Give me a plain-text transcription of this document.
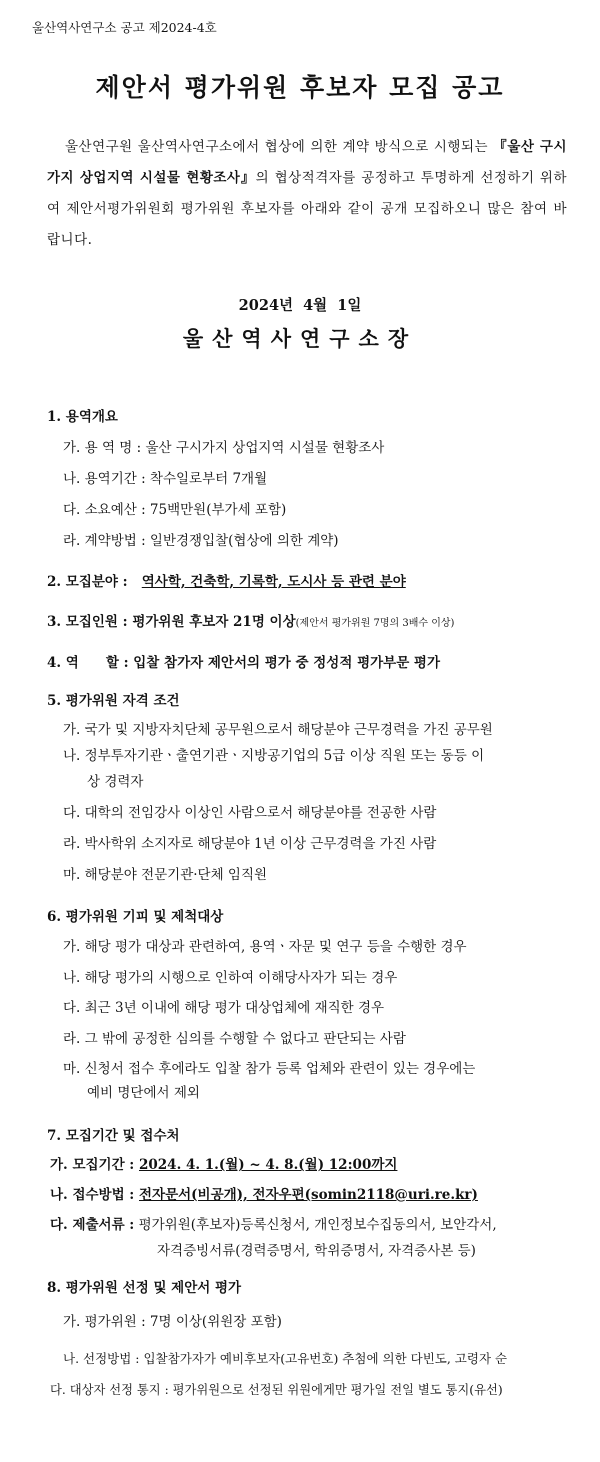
울산역사연구소 공고 제2024-4호
제안서 평가위원 후보자 모집 공고
울산연구원 울산역사연구소에서 협상에 의한 계약 방식으로 시행되는 『울산 구시가지 상업지역 시설물 현황조사』의 협상적격자를 공정하고 투명하게 선정하기 위하여 제안서평가위원회 평가위원 후보자를 아래와 같이 공개 모집하오니 많은 참여 바랍니다.
2024년 4월 1일
울산역사연구소장
1. 용역개요
가. 용 역 명 : 울산 구시가지 상업지역 시설물 현황조사
나. 용역기간 : 착수일로부터 7개월
다. 소요예산 : 75백만원(부가세 포함)
라. 계약방법 : 일반경쟁입찰(협상에 의한 계약)
2. 모집분야 : 역사학, 건축학, 기록학, 도시사 등 관련 분야
3. 모집인원 : 평가위원 후보자 21명 이상(제안서 평가위원 7명의 3배수 이상)
4. 역　　할 : 입찰 참가자 제안서의 평가 중 정성적 평가부문 평가
5. 평가위원 자격 조건
가. 국가 및 지방자치단체 공무원으로서 해당분야 근무경력을 가진 공무원
나. 정부투자기관ㆍ출연기관ㆍ지방공기업의 5급 이상 직원 또는 동등 이
상 경력자
다. 대학의 전임강사 이상인 사람으로서 해당분야를 전공한 사람
라. 박사학위 소지자로 해당분야 1년 이상 근무경력을 가진 사람
마. 해당분야 전문기관·단체 임직원
6. 평가위원 기피 및 제척대상
가. 해당 평가 대상과 관련하여, 용역ㆍ자문 및 연구 등을 수행한 경우
나. 해당 평가의 시행으로 인하여 이해당사자가 되는 경우
다. 최근 3년 이내에 해당 평가 대상업체에 재직한 경우
라. 그 밖에 공정한 심의를 수행할 수 없다고 판단되는 사람
마. 신청서 접수 후에라도 입찰 참가 등록 업체와 관련이 있는 경우에는
예비 명단에서 제외
7. 모집기간 및 접수처
가. 모집기간 : 2024. 4. 1.(월) ~ 4. 8.(월) 12:00까지
나. 접수방법 : 전자문서(비공개), 전자우편(somin2118@uri.re.kr)
다. 제출서류 : 평가위원(후보자)등록신청서, 개인정보수집동의서, 보안각서,
자격증빙서류(경력증명서, 학위증명서, 자격증사본 등)
8. 평가위원 선정 및 제안서 평가
가. 평가위원 : 7명 이상(위원장 포함)
나. 선정방법 : 입찰참가자가 예비후보자(고유번호) 추첨에 의한 다빈도, 고령자 순
다. 대상자 선정 통지 : 평가위원으로 선정된 위원에게만 평가일 전일 별도 통지(유선)
